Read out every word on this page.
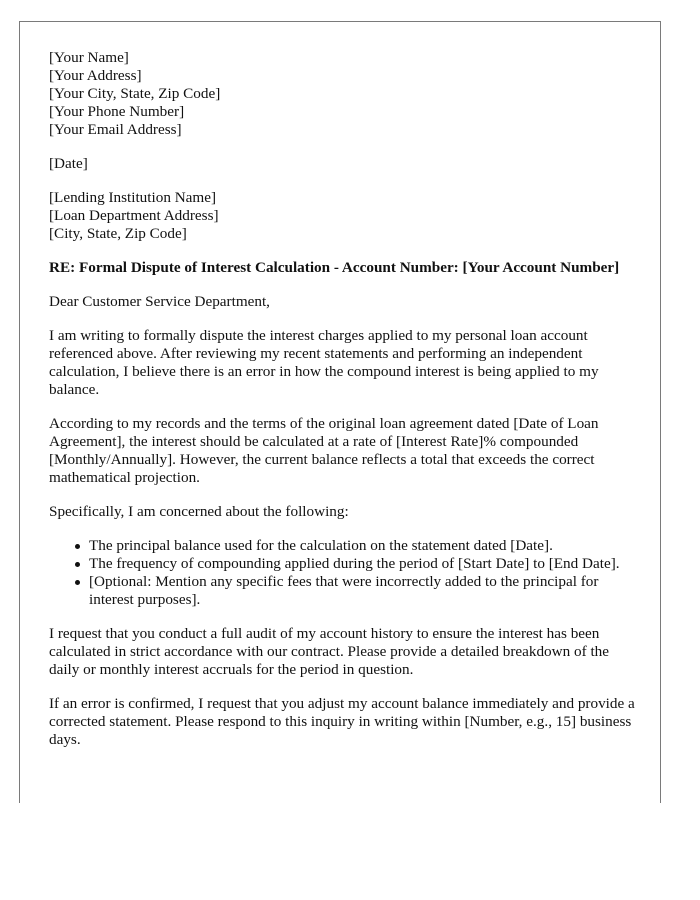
[Your Name]
[Your Address]
[Your City, State, Zip Code]
[Your Phone Number]
[Your Email Address]
[Date]
[Lending Institution Name]
[Loan Department Address]
[City, State, Zip Code]

RE: Formal Dispute of Interest Calculation - Account Number: [Your Account Number]

Dear Customer Service Department,

I am writing to formally dispute the interest charges applied to my personal loan account referenced above. After reviewing my recent statements and performing an independent calculation, I believe there is an error in how the compound interest is being applied to my balance.

According to my records and the terms of the original loan agreement dated [Date of Loan Agreement], the interest should be calculated at a rate of [Interest Rate]% compounded [Monthly/Annually]. However, the current balance reflects a total that exceeds the correct mathematical projection.

Specifically, I am concerned about the following:

The principal balance used for the calculation on the statement dated [Date].
The frequency of compounding applied during the period of [Start Date] to [End Date].
[Optional: Mention any specific fees that were incorrectly added to the principal for interest purposes].

I request that you conduct a full audit of my account history to ensure the interest has been calculated in strict accordance with our contract. Please provide a detailed breakdown of the daily or monthly interest accruals for the period in question.

If an error is confirmed, I request that you adjust my account balance immediately and provide a corrected statement. Please respond to this inquiry in writing within [Number, e.g., 15] business days.
